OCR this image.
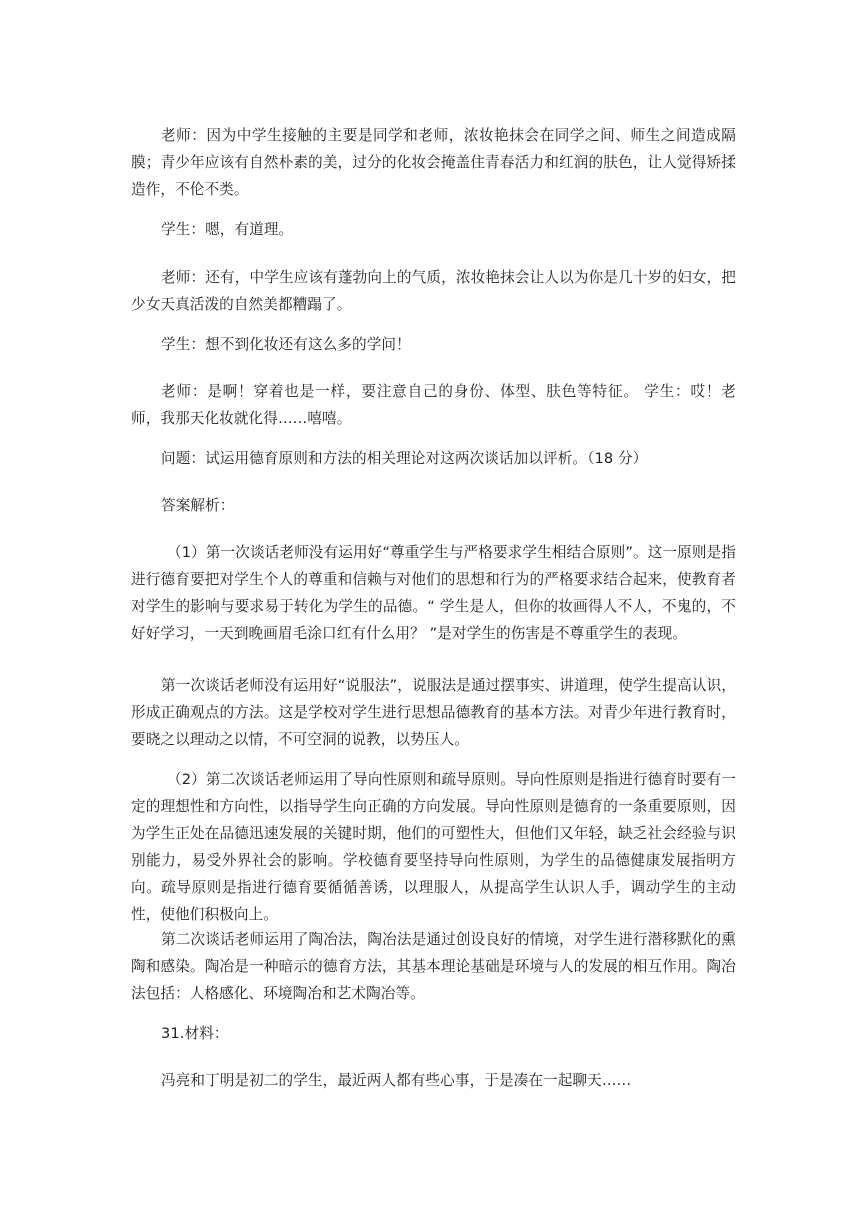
老师：因为中学生接触的主要是同学和老师，浓妆艳抹会在同学之间、师生之间造成隔膜；青少年应该有自然朴素的美，过分的化妆会掩盖住青春活力和红润的肤色，让人觉得矫揉造作，不伦不类。

学生：嗯，有道理。

老师：还有，中学生应该有蓬勃向上的气质，浓妆艳抹会让人以为你是几十岁的妇女，把少女天真活泼的自然美都糟蹋了。

学生：想不到化妆还有这么多的学问！

老师：是啊！穿着也是一样，要注意自己的身份、体型、肤色等特征。 学生：哎！老师，我那天化妆就化得……嘻嘻。

问题：试运用德育原则和方法的相关理论对这两次谈话加以评析。（18 分）

答案解析：

（1）第一次谈话老师没有运用好“尊重学生与严格要求学生相结合原则”。这一原则是指进行德育要把对学生个人的尊重和信赖与对他们的思想和行为的严格要求结合起来，使教育者对学生的影响与要求易于转化为学生的品德。“ 学生是人，但你的妆画得人不人，不鬼的，不好好学习，一天到晚画眉毛涂口红有什么用？ ”是对学生的伤害是不尊重学生的表现。

第一次谈话老师没有运用好“说服法”，说服法是通过摆事实、讲道理，使学生提高认识，形成正确观点的方法。这是学校对学生进行思想品德教育的基本方法。对青少年进行教育时，要晓之以理动之以情，不可空洞的说教，以势压人。

（2）第二次谈话老师运用了导向性原则和疏导原则。导向性原则是指进行德育时要有一定的理想性和方向性，以指导学生向正确的方向发展。导向性原则是德育的一条重要原则，因为学生正处在品德迅速发展的关键时期，他们的可塑性大，但他们又年轻，缺乏社会经验与识别能力，易受外界社会的影响。学校德育要坚持导向性原则，为学生的品德健康发展指明方向。疏导原则是指进行德育要循循善诱，以理服人，从提高学生认识人手，调动学生的主动性，使他们积极向上。

第二次谈话老师运用了陶冶法，陶冶法是通过创设良好的情境，对学生进行潜移默化的熏陶和感染。陶冶是一种暗示的德育方法，其基本理论基础是环境与人的发展的相互作用。陶冶法包括：人格感化、环境陶冶和艺术陶冶等。

31.材料：

冯亮和丁明是初二的学生，最近两人都有些心事，于是凑在一起聊天……
